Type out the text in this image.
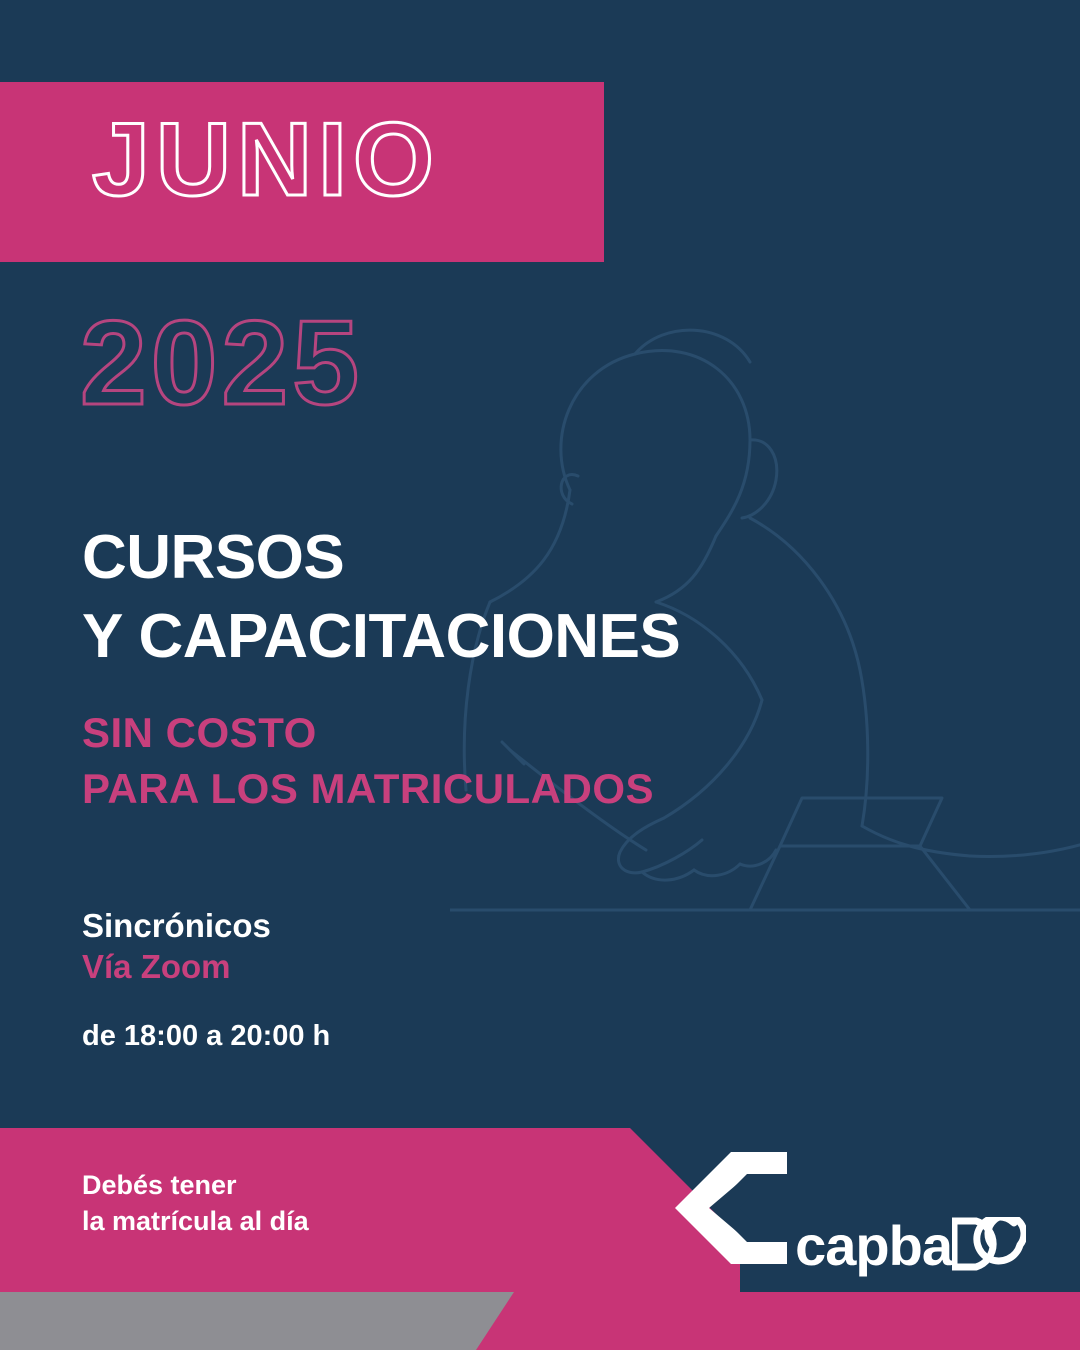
JUNIO
2025
CURSOS
Y CAPACITACIONES
SIN COSTO
PARA LOS MATRICULADOS
Sincrónicos
Vía Zoom
de 18:00 a 20:00 h
Debés tener
la matrícula al día	capba
